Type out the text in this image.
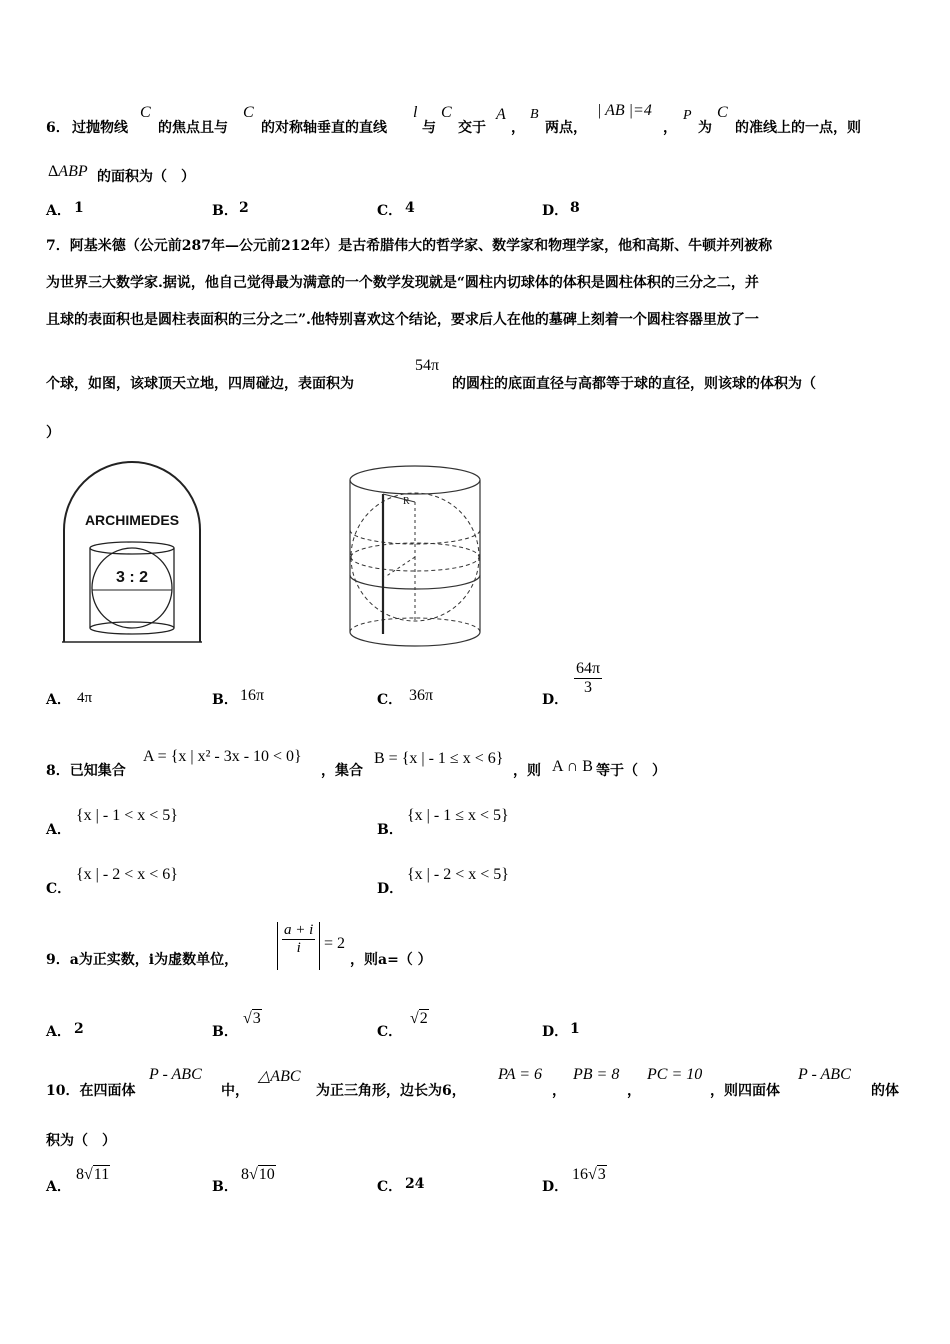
6． 过抛物线
C
的焦点且与
C
的对称轴垂直的直线
l
与
C
交于
A
，
B
两点，
| AB |=4
，
P
为
C
的准线上的一点，则
ΔABP 的面积为（　）
A． 1	B． 2	C． 4	D． 8
7．阿基米德（公元前287年—公元前212年）是古希腊伟大的哲学家、数学家和物理学家，他和高斯、牛顿并列被称
为世界三大数学家.据说，他自己觉得最为满意的一个数学发现就是“圆柱内切球体的体积是圆柱体积的三分之二，并
且球的表面积也是圆柱表面积的三分之二”.他特别喜欢这个结论，要求后人在他的墓碑上刻着一个圆柱容器里放了一
个球，如图，该球顶天立地，四周碰边，表面积为
54π
的圆柱的底面直径与高都等于球的直径，则该球的体积为（
）
ARCHIMEDES
3 : 2
R
A． 4π	B． 16π	C． 36π	D．
$\frac{64\pi}{3}$
8．已知集合
A = {x | x² - 3x - 10 < 0}
，集合
B = {x | - 1 ≤ x < 6}
，则 A ∩ B 等于（　）
A．
{x | - 1 < x < 5}
B．
{x | - 1 ≤ x < 5}
C．
{x | - 2 < x < 6}
D．
{x | - 2 < x < 5}
9．a为正实数，i为虚数单位，
$\frac{a + i}{i} = 2$
，则a=（ ）
A． 2	B．
√3
C．
√2
D． 1
10．在四面体
P - ABC
中，
△ABC
为正三角形，边长为6，
PA = 6
，
PB = 8
，
PC = 10
，则四面体
P - ABC
的体
积为（　）
A．
8√11
B．
8√10
C． 24	D．
16√3
